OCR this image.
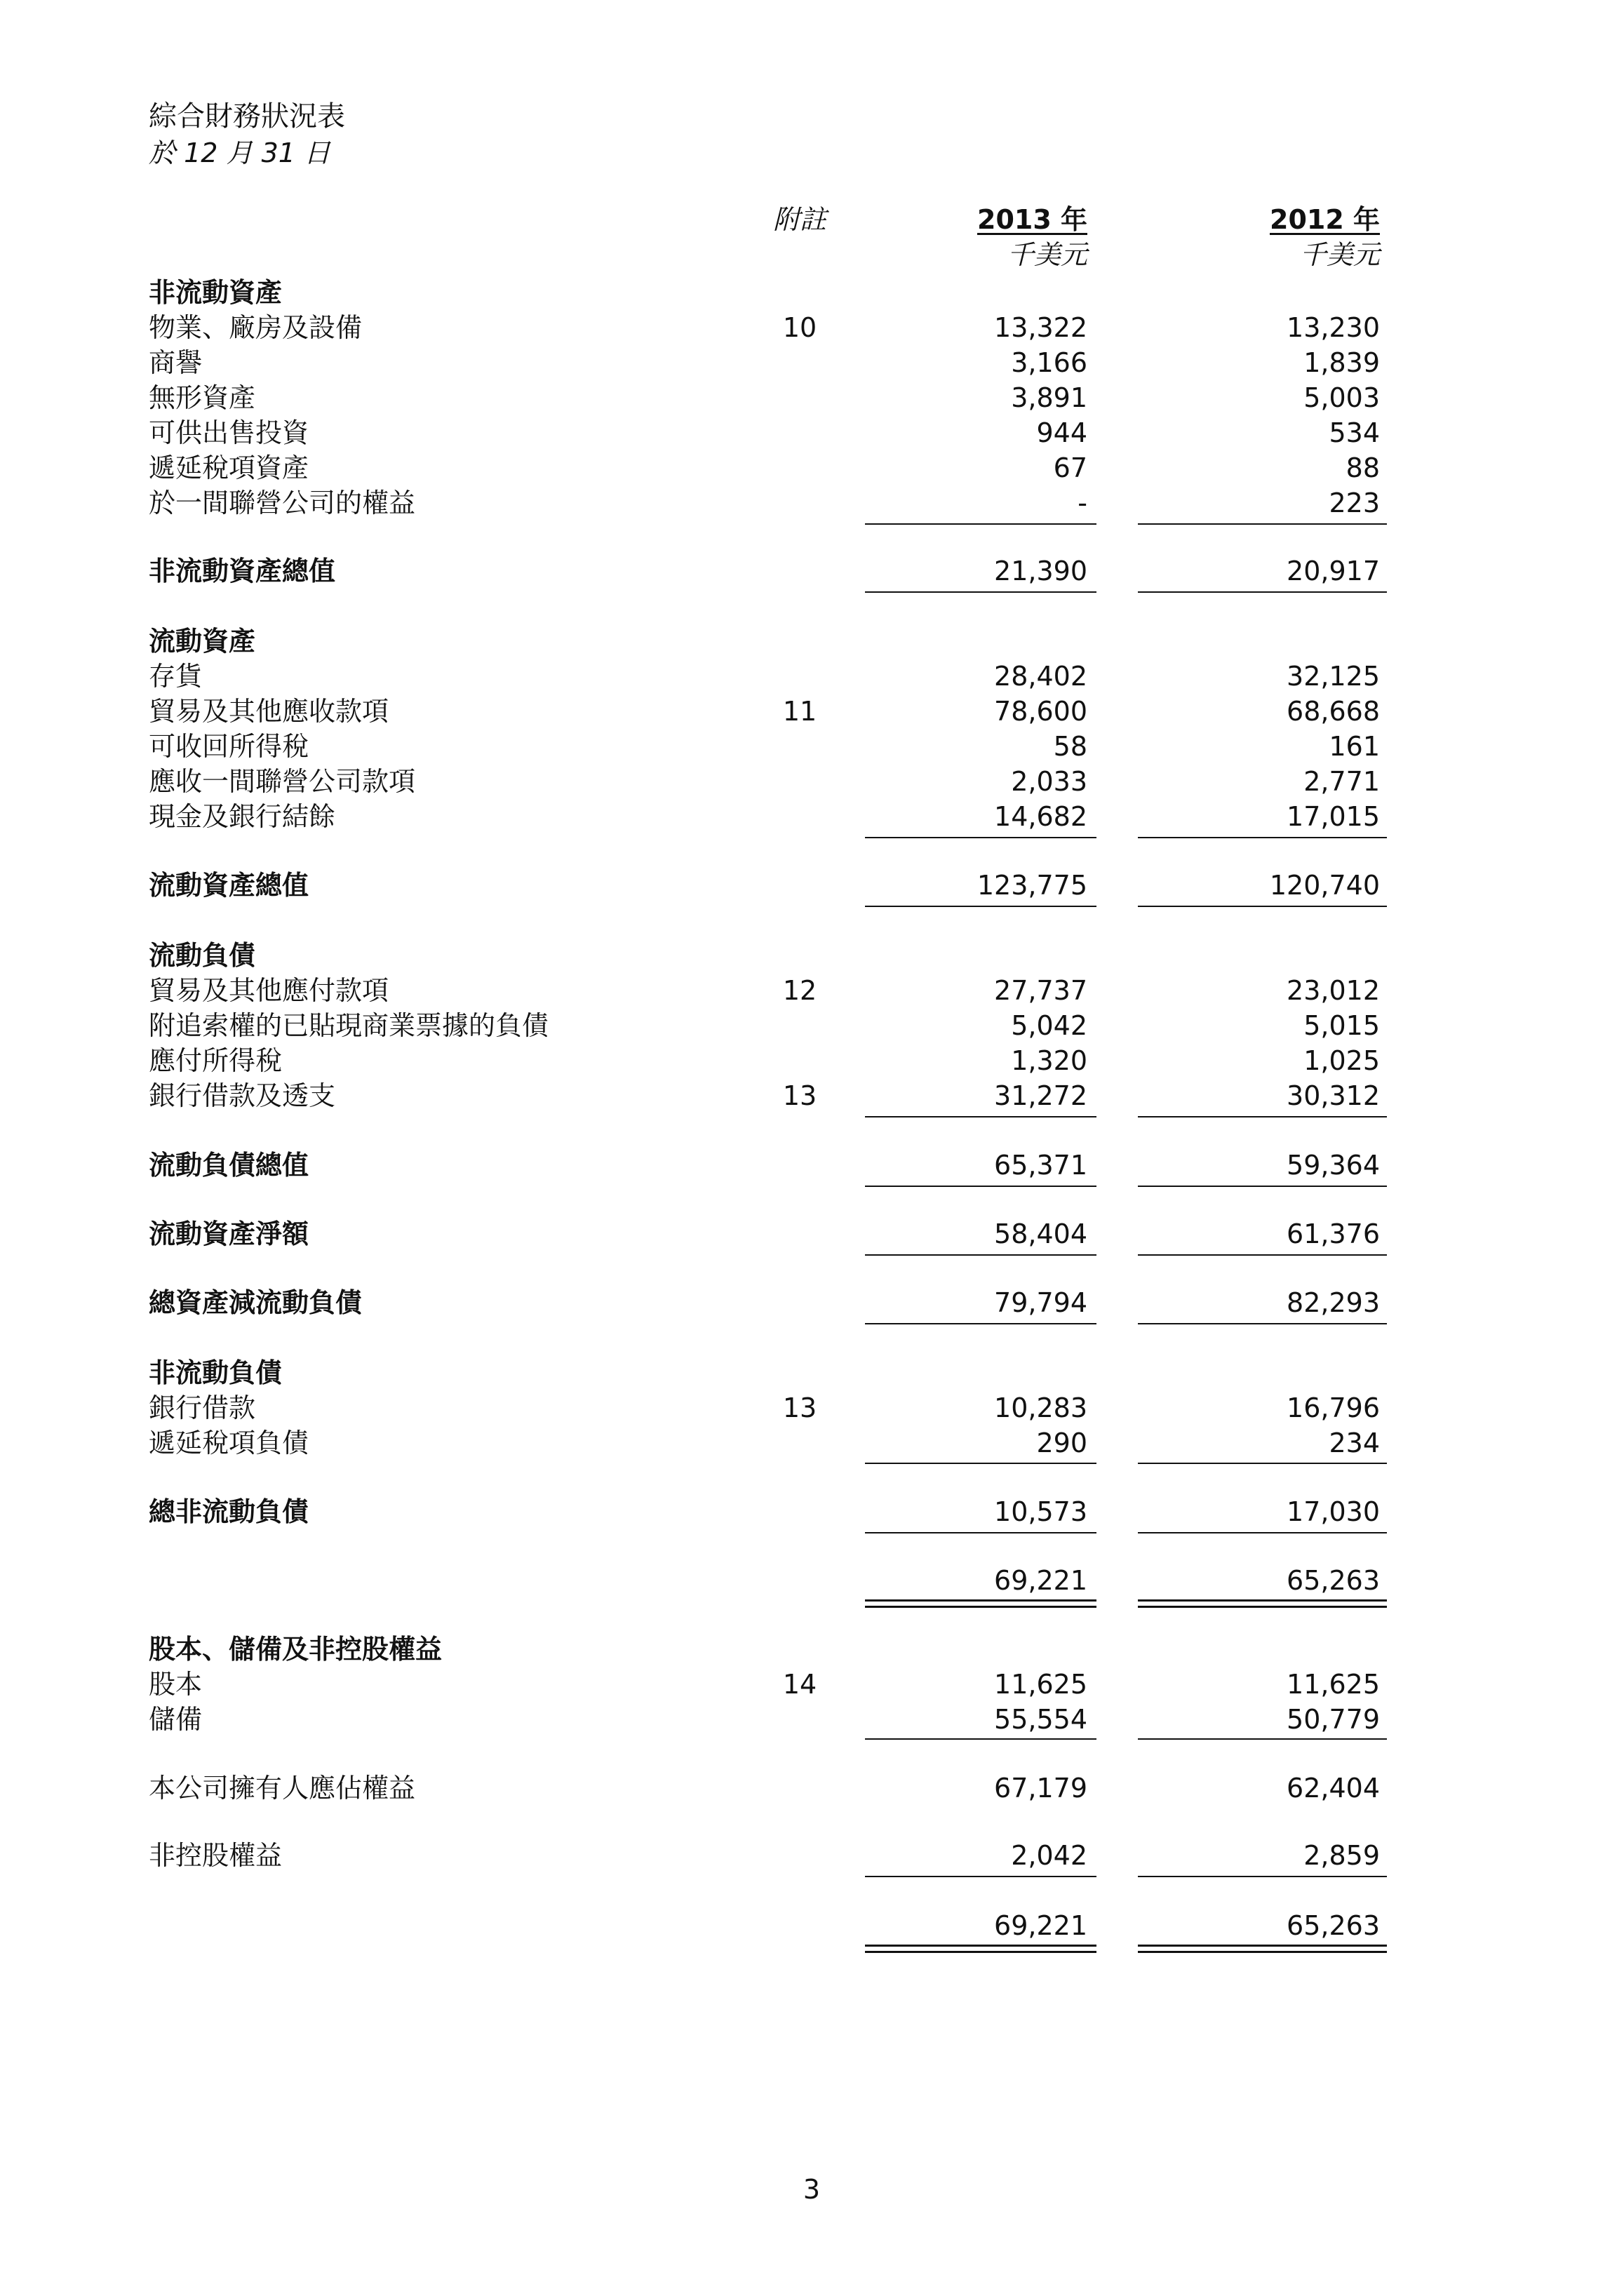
綜合財務狀況表
於 12 月 31 日
附註	2013 年	2012 年
千美元	千美元
非流動資產
物業、廠房及設備	10	13,322	13,230
商譽	3,166	1,839
無形資產	3,891	5,003
可供出售投資	944	534
遞延稅項資產	67	88
於一間聯營公司的權益	-	223
非流動資產總值	21,390	20,917
流動資產
存貨	28,402	32,125
貿易及其他應收款項	11	78,600	68,668
可收回所得稅	58	161
應收一間聯營公司款項	2,033	2,771
現金及銀行結餘	14,682	17,015
流動資產總值	123,775	120,740
流動負債
貿易及其他應付款項	12	27,737	23,012
附追索權的已貼現商業票據的負債	5,042	5,015
應付所得稅	1,320	1,025
銀行借款及透支	13	31,272	30,312
流動負債總值	65,371	59,364
流動資產淨額	58,404	61,376
總資產減流動負債	79,794	82,293
非流動負債
銀行借款	13	10,283	16,796
遞延稅項負債	290	234
總非流動負債	10,573	17,030
69,221	65,263
股本、儲備及非控股權益
股本	14	11,625	11,625
儲備	55,554	50,779
本公司擁有人應佔權益	67,179	62,404
非控股權益	2,042	2,859
69,221	65,263
3
